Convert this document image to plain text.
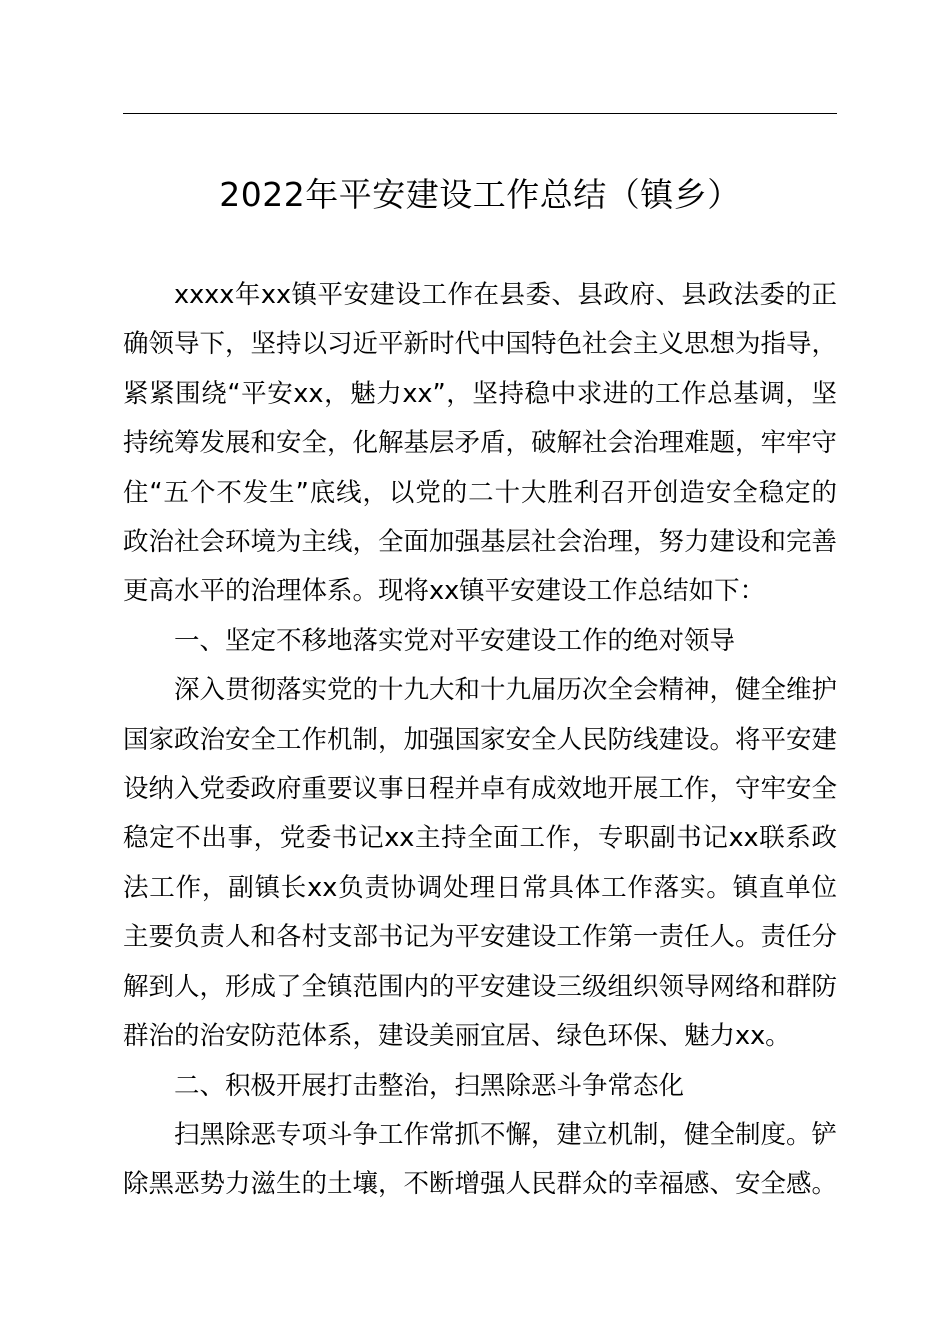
2022年平安建设工作总结（镇乡）

xxxx年xx镇平安建设工作在县委、县政府、县政法委的正确领导下，坚持以习近平新时代中国特色社会主义思想为指导，紧紧围绕“平安xx，魅力xx”，坚持稳中求进的工作总基调，坚持统筹发展和安全，化解基层矛盾，破解社会治理难题，牢牢守住“五个不发生”底线，以党的二十大胜利召开创造安全稳定的政治社会环境为主线，全面加强基层社会治理，努力建设和完善更高水平的治理体系。现将xx镇平安建设工作总结如下：

一、坚定不移地落实党对平安建设工作的绝对领导

深入贯彻落实党的十九大和十九届历次全会精神，健全维护国家政治安全工作机制，加强国家安全人民防线建设。将平安建设纳入党委政府重要议事日程并卓有成效地开展工作，守牢安全稳定不出事，党委书记xx主持全面工作，专职副书记xx联系政法工作，副镇长xx负责协调处理日常具体工作落实。镇直单位主要负责人和各村支部书记为平安建设工作第一责任人。责任分解到人，形成了全镇范围内的平安建设三级组织领导网络和群防群治的治安防范体系，建设美丽宜居、绿色环保、魅力xx。

二、积极开展打击整治，扫黑除恶斗争常态化

扫黑除恶专项斗争工作常抓不懈，建立机制，健全制度。铲除黑恶势力滋生的土壤，不断增强人民群众的幸福感、安全感。
